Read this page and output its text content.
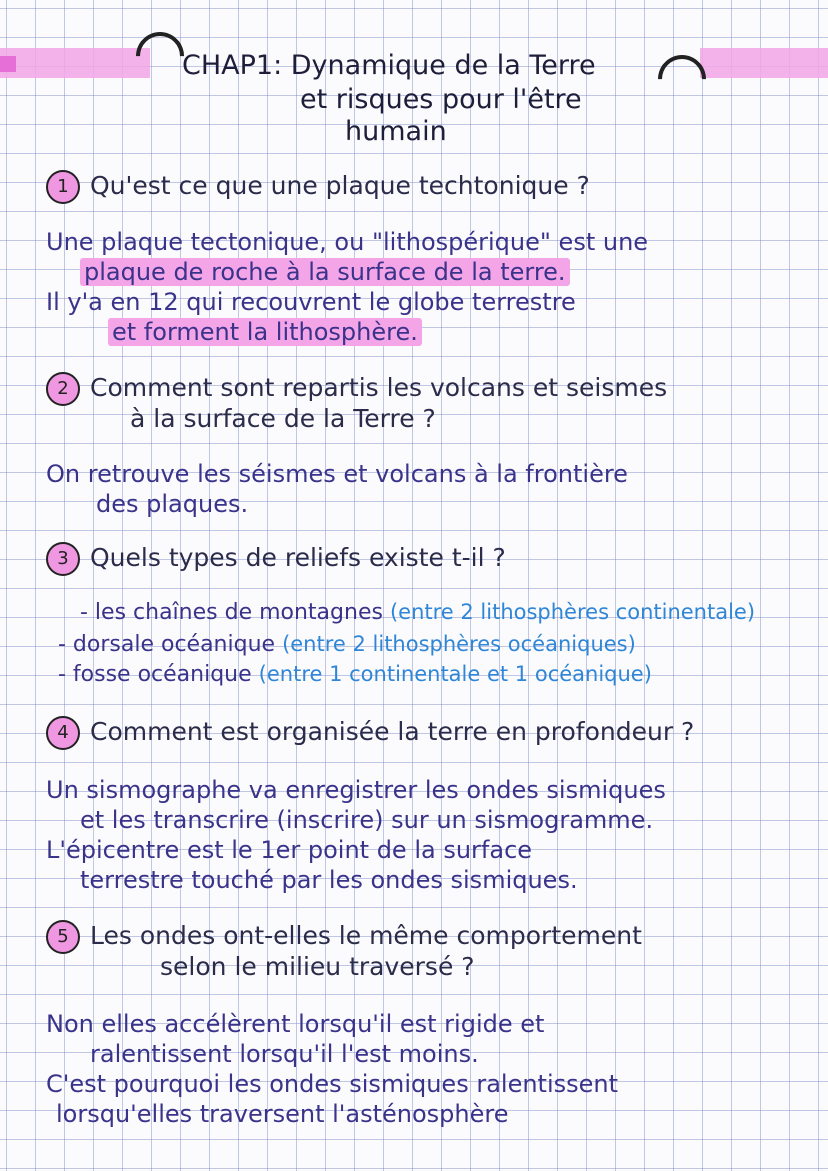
CHAP1: Dynamique de la Terre
et risques pour l'être
humain
1 Qu'est ce que une plaque techtonique ?
Une plaque tectonique, ou "lithospérique" est une
plaque de roche à la surface de la terre.
Il y'a en 12 qui recouvrent le globe terrestre
et forment la lithosphère.
2 Comment sont repartis les volcans et seismes
à la surface de la Terre ?
On retrouve les séismes et volcans à la frontière
des plaques.
3 Quels types de reliefs existe t-il ?
- les chaînes de montagnes (entre 2 lithosphères continentale)
- dorsale océanique (entre 2 lithosphères océaniques)
- fosse océanique (entre 1 continentale et 1 océanique)
4 Comment est organisée la terre en profondeur ?
Un sismographe va enregistrer les ondes sismiques
et les transcrire (inscrire) sur un sismogramme.
L'épicentre est le 1er point de la surface
terrestre touché par les ondes sismiques.
5 Les ondes ont-elles le même comportement
selon le milieu traversé ?
Non elles accélèrent lorsqu'il est rigide et
ralentissent lorsqu'il l'est moins.
C'est pourquoi les ondes sismiques ralentissent
lorsqu'elles traversent l'asténosphère
